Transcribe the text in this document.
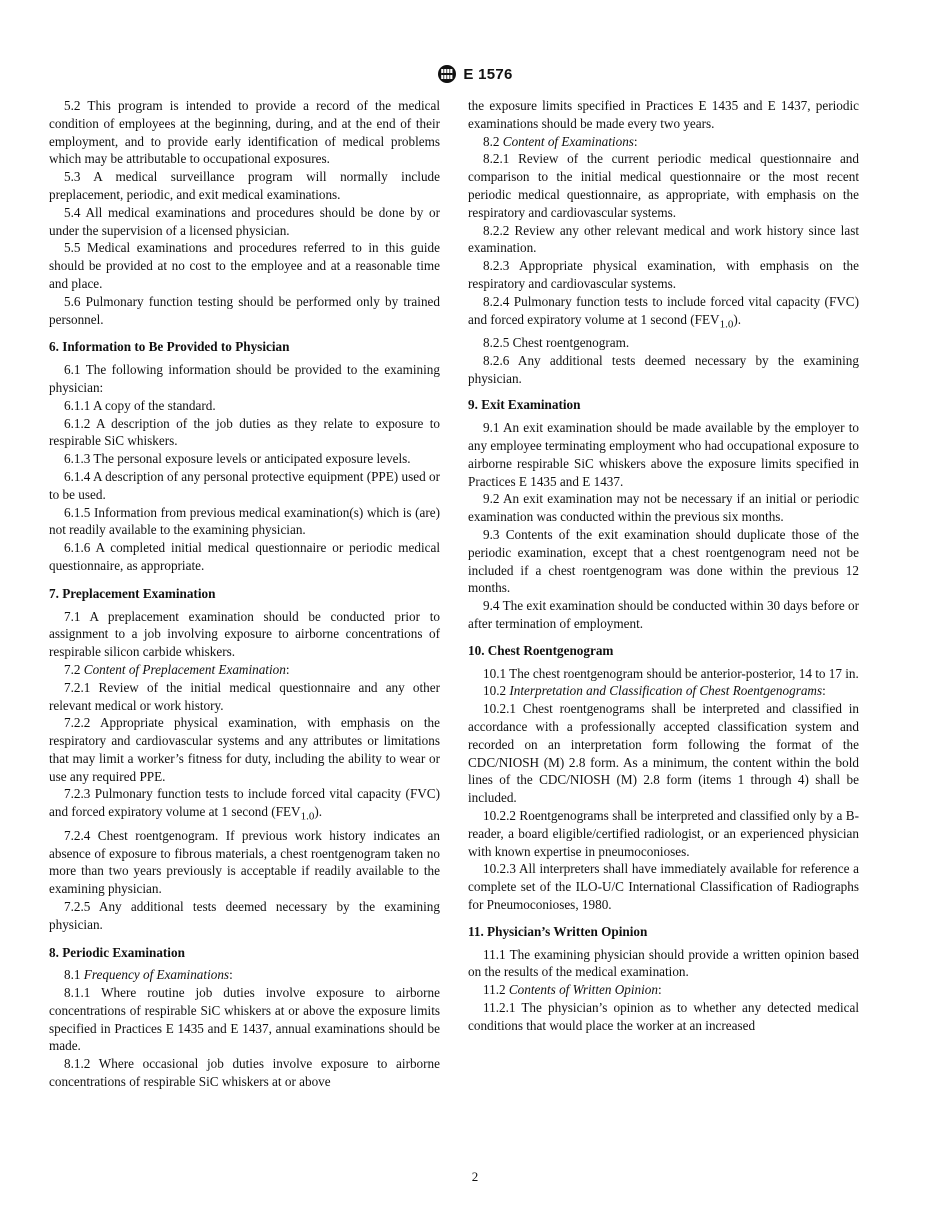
E 1576
5.2 This program is intended to provide a record of the medical condition of employees at the beginning, during, and at the end of their employment, and to provide early identification of medical problems which may be attributable to occupational exposures.
5.3 A medical surveillance program will normally include preplacement, periodic, and exit medical examinations.
5.4 All medical examinations and procedures should be done by or under the supervision of a licensed physician.
5.5 Medical examinations and procedures referred to in this guide should be provided at no cost to the employee and at a reasonable time and place.
5.6 Pulmonary function testing should be performed only by trained personnel.
6. Information to Be Provided to Physician
6.1 The following information should be provided to the examining physician:
6.1.1 A copy of the standard.
6.1.2 A description of the job duties as they relate to exposure to respirable SiC whiskers.
6.1.3 The personal exposure levels or anticipated exposure levels.
6.1.4 A description of any personal protective equipment (PPE) used or to be used.
6.1.5 Information from previous medical examination(s) which is (are) not readily available to the examining physician.
6.1.6 A completed initial medical questionnaire or periodic medical questionnaire, as appropriate.
7. Preplacement Examination
7.1 A preplacement examination should be conducted prior to assignment to a job involving exposure to airborne concentrations of respirable silicon carbide whiskers.
7.2 Content of Preplacement Examination:
7.2.1 Review of the initial medical questionnaire and any other relevant medical or work history.
7.2.2 Appropriate physical examination, with emphasis on the respiratory and cardiovascular systems and any attributes or limitations that may limit a worker’s fitness for duty, including the ability to wear or use any required PPE.
7.2.3 Pulmonary function tests to include forced vital capacity (FVC) and forced expiratory volume at 1 second $(FEV_{1.0})$.
7.2.4 Chest roentgenogram. If previous work history indicates an absence of exposure to fibrous materials, a chest roentgenogram taken no more than two years previously is acceptable if readily available to the examining physician.
7.2.5 Any additional tests deemed necessary by the examining physician.
8. Periodic Examination
8.1 Frequency of Examinations:
8.1.1 Where routine job duties involve exposure to airborne concentrations of respirable SiC whiskers at or above the exposure limits specified in Practices E 1435 and E 1437, annual examinations should be made.
8.1.2 Where occasional job duties involve exposure to airborne concentrations of respirable SiC whiskers at or above
the exposure limits specified in Practices E 1435 and E 1437, periodic examinations should be made every two years.
8.2 Content of Examinations:
8.2.1 Review of the current periodic medical questionnaire and comparison to the initial medical questionnaire or the most recent periodic medical questionnaire, as appropriate, with emphasis on the respiratory and cardiovascular systems.
8.2.2 Review any other relevant medical and work history since last examination.
8.2.3 Appropriate physical examination, with emphasis on the respiratory and cardiovascular systems.
8.2.4 Pulmonary function tests to include forced vital capacity (FVC) and forced expiratory volume at 1 second $(FEV_{1.0})$.
8.2.5 Chest roentgenogram.
8.2.6 Any additional tests deemed necessary by the examining physician.
9. Exit Examination
9.1 An exit examination should be made available by the employer to any employee terminating employment who had occupational exposure to airborne respirable SiC whiskers above the exposure limits specified in Practices E 1435 and E 1437.
9.2 An exit examination may not be necessary if an initial or periodic examination was conducted within the previous six months.
9.3 Contents of the exit examination should duplicate those of the periodic examination, except that a chest roentgenogram need not be included if a chest roentgenogram was done within the previous 12 months.
9.4 The exit examination should be conducted within 30 days before or after termination of employment.
10. Chest Roentgenogram
10.1 The chest roentgenogram should be anterior-posterior, 14 to 17 in.
10.2 Interpretation and Classification of Chest Roentgenograms:
10.2.1 Chest roentgenograms shall be interpreted and classified in accordance with a professionally accepted classification system and recorded on an interpretation form following the format of the CDC/NIOSH (M) 2.8 form. As a minimum, the content within the bold lines of the CDC/NIOSH (M) 2.8 form (items 1 through 4) shall be included.
10.2.2 Roentgenograms shall be interpreted and classified only by a B-reader, a board eligible/certified radiologist, or an experienced physician with known expertise in pneumoconioses.
10.2.3 All interpreters shall have immediately available for reference a complete set of the ILO-U/C International Classification of Radiographs for Pneumoconioses, 1980.
11. Physician’s Written Opinion
11.1 The examining physician should provide a written opinion based on the results of the medical examination.
11.2 Contents of Written Opinion:
11.2.1 The physician’s opinion as to whether any detected medical conditions that would place the worker at an increased
2
